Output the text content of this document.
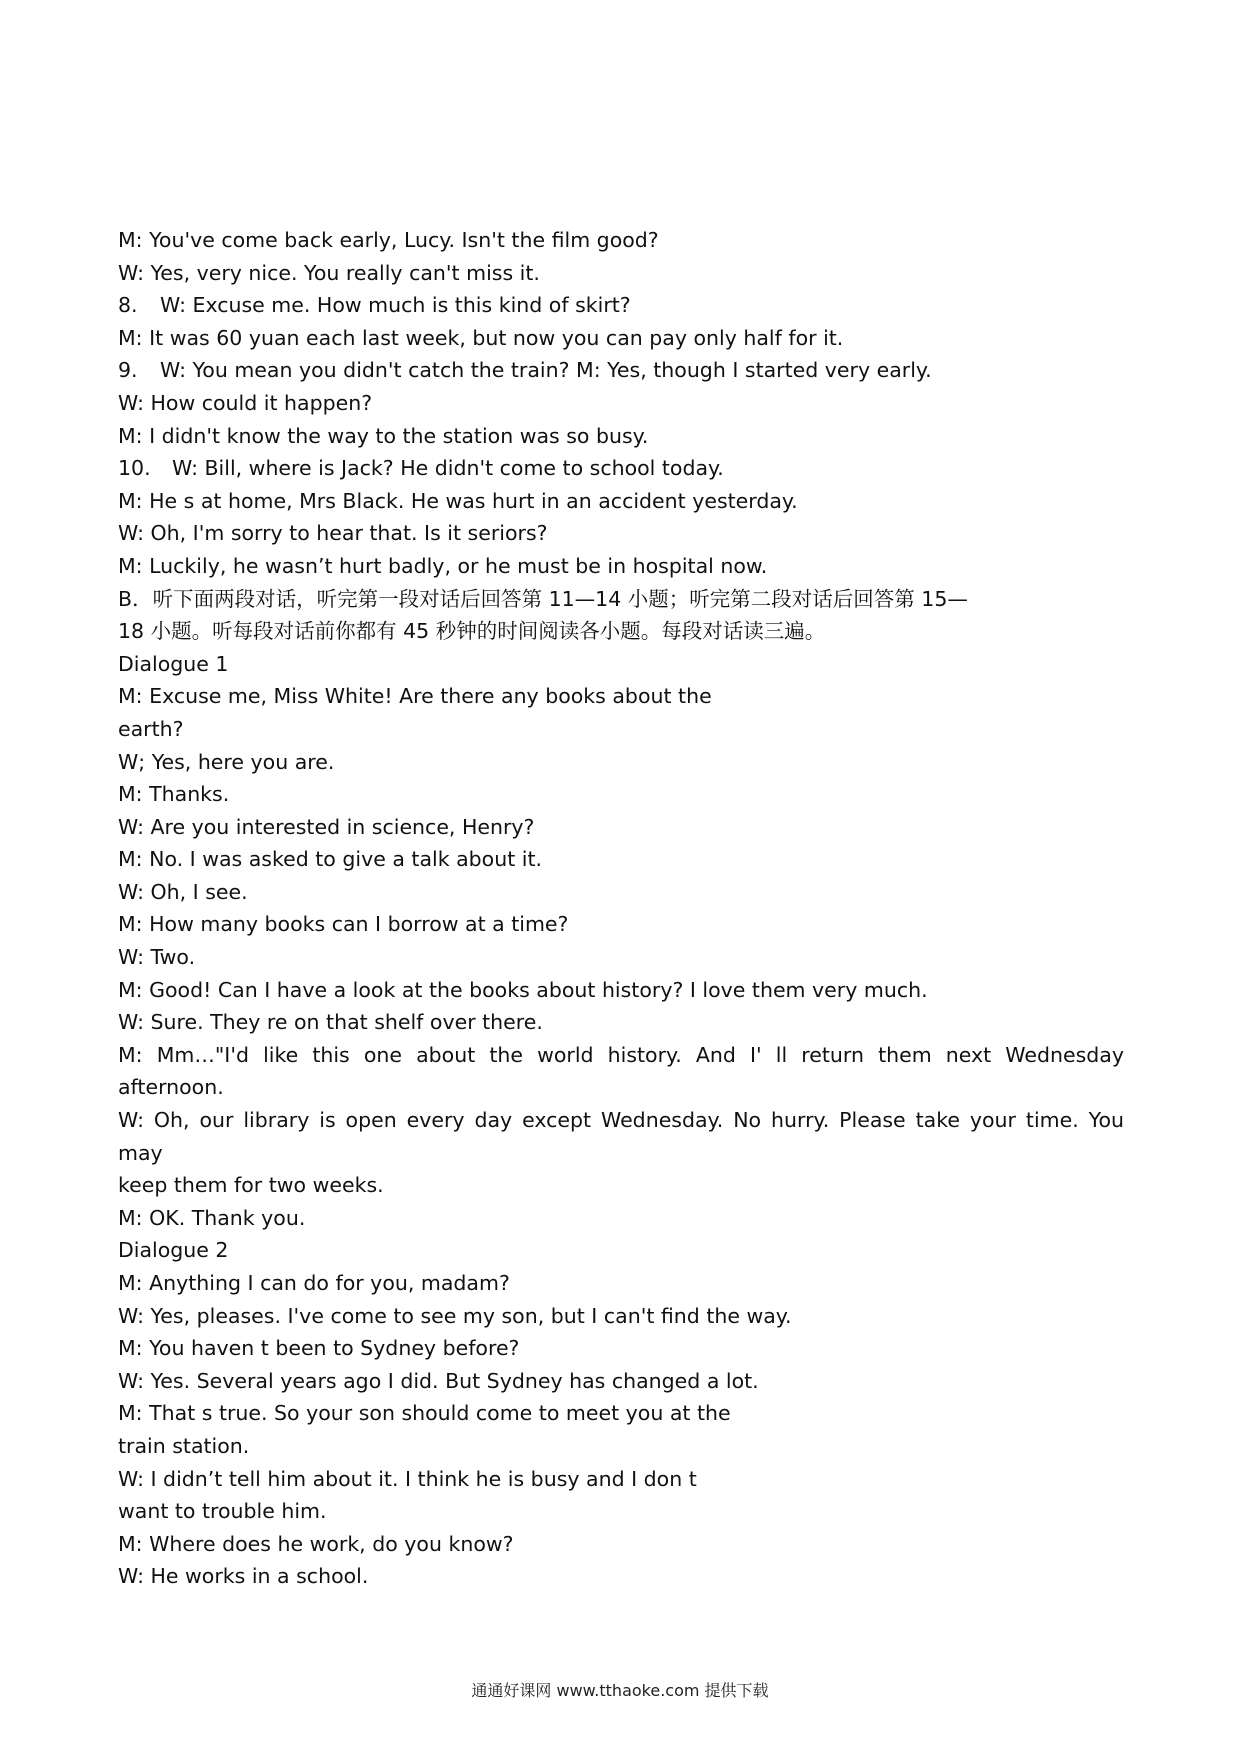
M: You've come back early, Lucy. Isn't the film good?
W: Yes, very nice. You really can't miss it.
8. W: Excuse me. How much is this kind of skirt?
M: It was 60 yuan each last week, but now you can pay only half for it.
9. W: You mean you didn't catch the train? M: Yes, though I started very early.
W: How could it happen?
M: I didn't know the way to the station was so busy.
10. W: Bill, where is Jack? He didn't come to school today.
M: He s at home, Mrs Black. He was hurt in an accident yesterday.
W: Oh, I'm sorry to hear that. Is it seriors?
M: Luckily, he wasn’t hurt badly, or he must be in hospital now.
B．听下面两段对话，听完第一段对话后回答第 11—14 小题；听完第二段对话后回答第 15—
18 小题。听每段对话前你都有 45 秒钟的时间阅读各小题。每段对话读三遍。
Dialogue 1
M: Excuse me, Miss White! Are there any books about the
earth?
W; Yes, here you are.
M: Thanks.
W: Are you interested in science, Henry?
M: No. I was asked to give a talk about it.
W: Oh, I see.
M: How many books can I borrow at a time?
W: Two.
M: Good! Can I have a look at the books about history? I love them very much.
W: Sure. They re on that shelf over there.
M: Mm…"I'd like this one about the world history. And I' ll return them next Wednesday
afternoon.
W: Oh, our library is open every day except Wednesday. No hurry. Please take your time. You may
keep them for two weeks.
M: OK. Thank you.
Dialogue 2
M: Anything I can do for you, madam?
W: Yes, pleases. I've come to see my son, but I can't find the way.
M: You haven t been to Sydney before?
W: Yes. Several years ago I did. But Sydney has changed a lot.
M: That s true. So your son should come to meet you at the
train station.
W: I didn’t tell him about it. I think he is busy and I don t
want to trouble him.
M: Where does he work, do you know?
W: He works in a school.
通通好课网 www.tthaoke.com 提供下载
